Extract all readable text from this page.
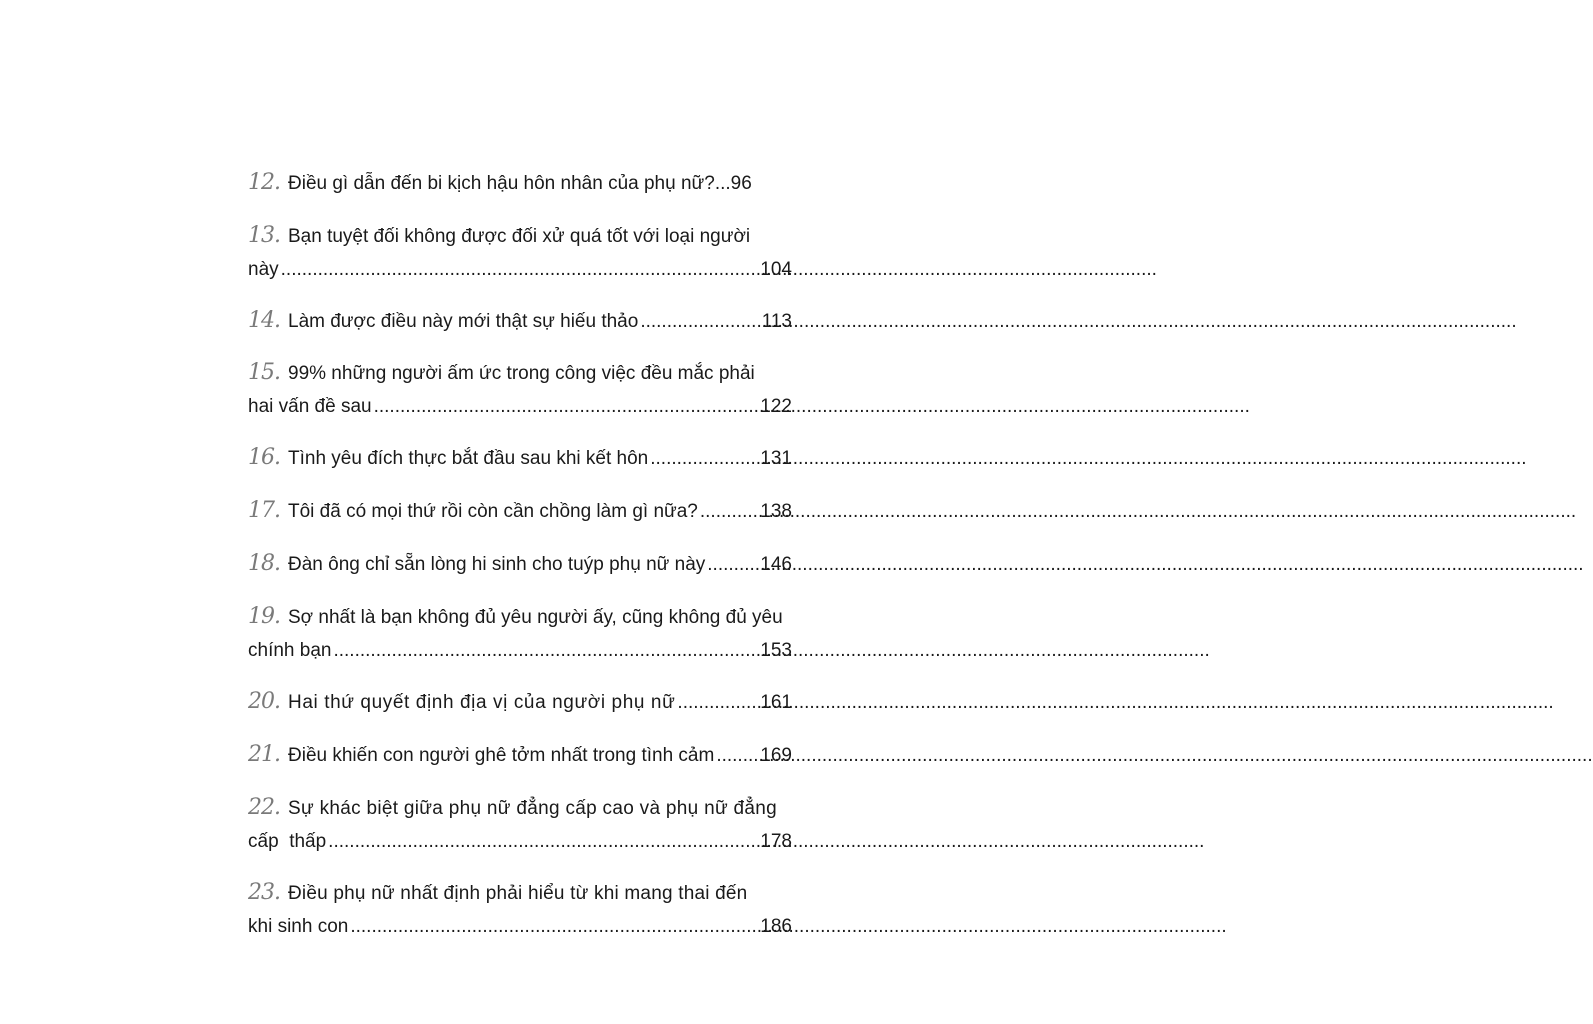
12. Điều gì dẫn đến bi kịch hậu hôn nhân của phụ nữ?...96
13. Bạn tuyệt đối không được đối xử quá tốt với loại người
này .....	104
14. Làm được điều này mới thật sự hiếu thảo .....	113
15. 99% những người ấm ức trong công việc đều mắc phải
hai vấn đề sau .....	122
16. Tình yêu đích thực bắt đầu sau khi kết hôn .....	131
17. Tôi đã có mọi thứ rồi còn cần chồng làm gì nữa? .....	138
18. Đàn ông chỉ sẵn lòng hi sinh cho tuýp phụ nữ này .....	146
19. Sợ nhất là bạn không đủ yêu người ấy, cũng không đủ yêu
chính bạn .....	153
20. Hai thứ quyết định địa vị của người phụ nữ .....	161
21. Điều khiến con người ghê tởm nhất trong tình cảm ..... 169
22. Sự khác biệt giữa phụ nữ đẳng cấp cao và phụ nữ đẳng
cấp  thấp .....	178
23. Điều phụ nữ nhất định phải hiểu từ khi mang thai đến
khi sinh con .....	186
